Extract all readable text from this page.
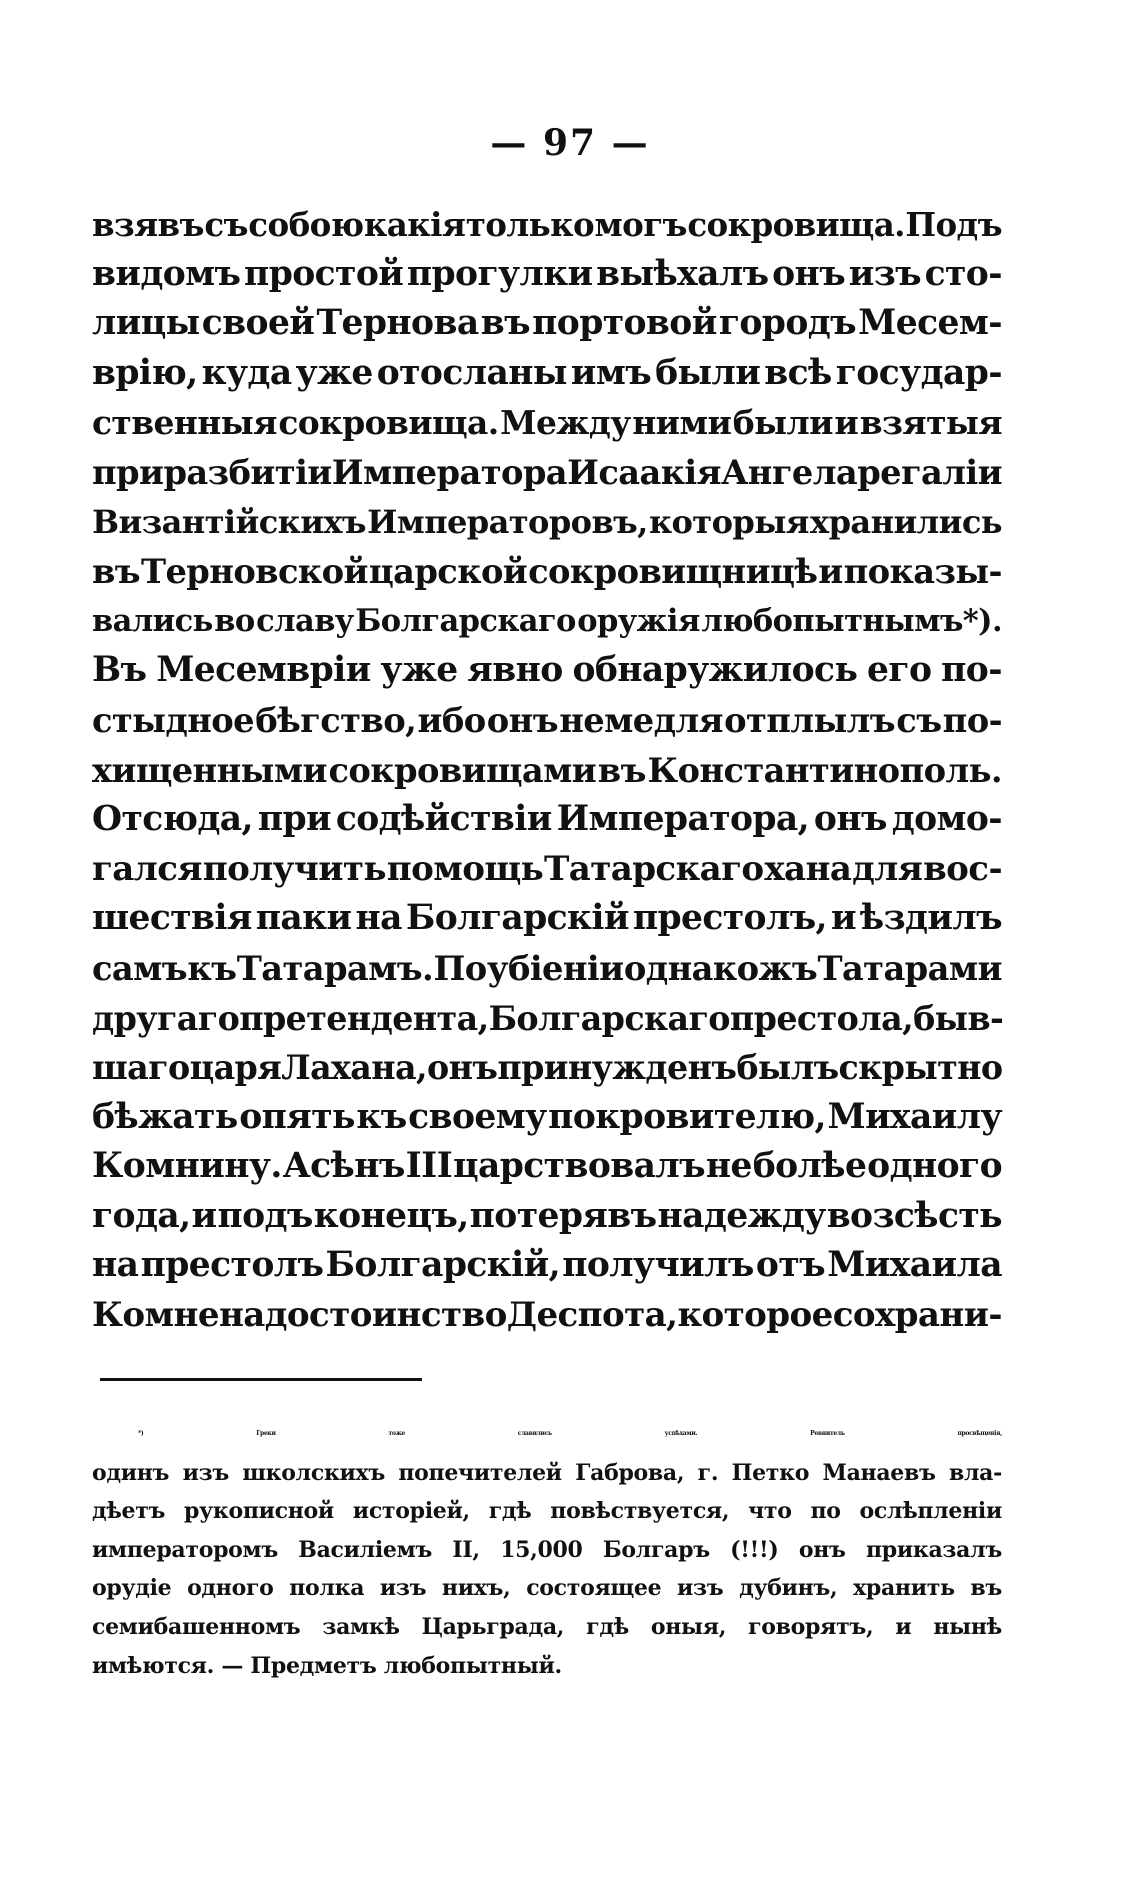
— 97 —
взявъ съ собою какія только могъ сокровища. Подъ
видомъ простой прогулки выѣхалъ онъ изъ сто-
лицы своей Тернова въ портовой городъ Месем-
врію, куда уже отосланы имъ были всѣ государ-
ственныя сокровища. Между ними были и взятыя
при разбитіи Императора Исаакія Ангела регаліи
Византійскихъ Императоровъ, которыя хранились
въ Терновской царской сокровищницѣ и показы-
вались во славу Болгарскаго оружія любопытнымъ*).
Въ Месемвріи уже явно обнаружилось его по-
стыдное бѣгство, ибо онъ немедля отплылъ съ по-
хищенными сокровищами въ Константинополь.
Отсюда, при содѣйствіи Императора, онъ домо-
гался получить помощь Татарскаго хана для вос-
шествія паки на Болгарскій престолъ, и ѣздилъ
самъ къ Татарамъ. По убіеніи однакожъ Татарами
другаго претендента, Болгарскаго престола, быв-
шаго царя Лахана, онъ принужденъ былъ скрытно
бѣжать опять къ своему покровителю, Михаилу
Комнину. Асѣнъ III царствовалъ не болѣе одного
года, и подъ конецъ, потерявъ надежду возсѣсть
на престолъ Болгарскій, получилъ отъ Михаила
Комнена достоинство Деспота, которое сохрани-
*)	Греки	тоже	славились	успѣхами.	Ревнитель	просвѣщенія,
одинъ изъ школскихъ попечителей Габрова, г. Петко Манаевъ вла-
дѣетъ рукописной исторіей, гдѣ повѣствуется, что по ослѣпленіи
императоромъ Василіемъ II, 15,000 Болгаръ (!!!) онъ приказалъ
орудіе одного полка изъ нихъ, состоящее изъ дубинъ, хранить въ
семибашенномъ замкѣ Царьграда, гдѣ оныя, говорятъ, и нынѣ
имѣются. — Предметъ любопытный.
